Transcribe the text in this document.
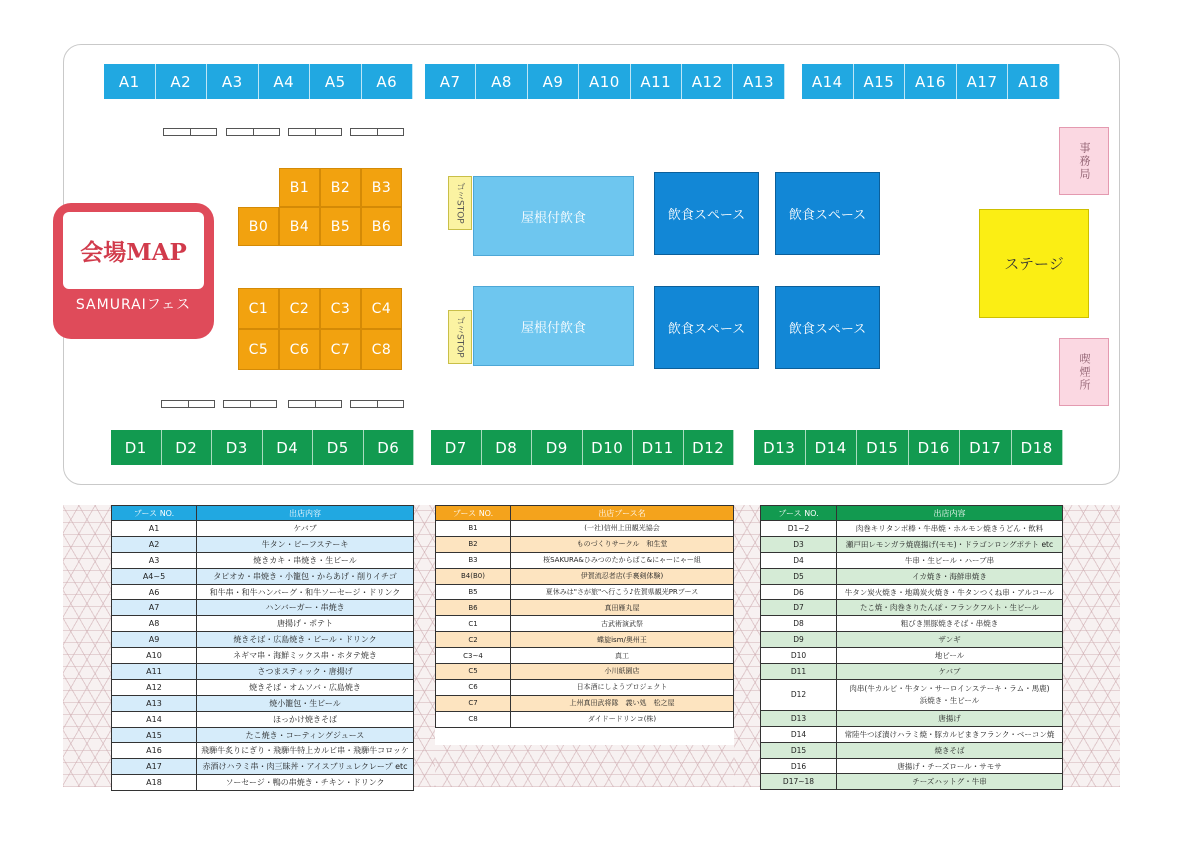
A1	A2	A3	A4	A5	A6	A7	A8	A9	A10	A11	A12	A13	A14	A15	A16	A17	A18
D1	D2	D3	D4	D5	D6	D7	D8	D9	D10	D11	D12	D13	D14	D15	D16	D17	D18
B1	B2	B3
B0	B4	B5	B6
C1	C2	C3	C4
C5	C6	C7	C8
ゴミSTOP
ゴミSTOP
屋根付飲食
屋根付飲食
飲食スペース	飲食スペース
飲食スペース	飲食スペース
ステージ
事務局
喫煙所
会場MAP
SAMURAIフェス
ブース NO.	出店内容
A1	ケバブ
A2	牛タン・ビーフステーキ
A3	焼きカキ・串焼き・生ビール
A4~5	タピオカ・串焼き・小籠包・からあげ・削りイチゴ
A6	和牛串・和牛ハンバーグ・和牛ソーセージ・ドリンク
A7	ハンバーガー・串焼き
A8	唐揚げ・ポテト
A9	焼きそば・広島焼き・ビール・ドリンク
A10	ネギマ串・海鮮ミックス串・ホタテ焼き
A11	さつまスティック・唐揚げ
A12	焼きそば・オムソバ・広島焼き
A13	焼小籠包・生ビール
A14	ほっかけ焼きそば
A15	たこ焼き・コーティングジュース
A16	飛騨牛炙りにぎり・飛騨牛特上カルビ串・飛騨牛コロッケ
A17	赤酒けハラミ串・肉三昧丼・アイスブリュレクレープ etc
A18	ソーセージ・鴨の串焼き・チキン・ドリンク
ブース NO.	出店ブース名
B1	(一社)信州上田観光協会
B2	ものづくりサークル　和生堂
B3	桜SAKURA&ひみつのたからばこ&にゃーにゃー組
B4(B0)	伊賀流忍者店(手裏剣体験)
B5	夏休みは"さが旅"へ行こう♪佐賀県観光PRブース
B6	真田雁丸屋
C1	古武術演武祭
C2	蝶旋ism/奥州王
C3~4	真工
C5	小川紙園店
C6	日本酒にしようプロジェクト
C7	上州真田武将隊　義い処　松之屋
C8	ダイドードリンコ(株)
ブース NO.	出店内容
D1~2	肉巻キリタンポ棒・牛串焼・ホルモン焼きうどん・飲料
D3	瀬戸田レモンガラ焼鹿揚げ(モモ)・ドラゴンロングポテト etc
D4	牛串・生ビール・ハーブ串
D5	イカ焼き・海鮮串焼き
D6	牛タン炭火焼き・地鶏炭火焼き・牛タンつくね串・アルコール
D7	たこ焼・肉巻きりたんぽ・フランクフルト・生ビール
D8	粗びき黒豚焼きそば・串焼き
D9	ザンギ
D10	地ビール
D11	ケバブ
D12	肉串(牛カルビ・牛タン・サーロインステーキ・ラム・馬鹿)
浜焼き・生ビール
D13	唐揚げ
D14	常陸牛つぼ漬けハラミ焼・豚カルビまきフランク・ベーコン焼
D15	焼きそば
D16	唐揚げ・チーズロール・サモサ
D17~18	チーズハットグ・牛串
